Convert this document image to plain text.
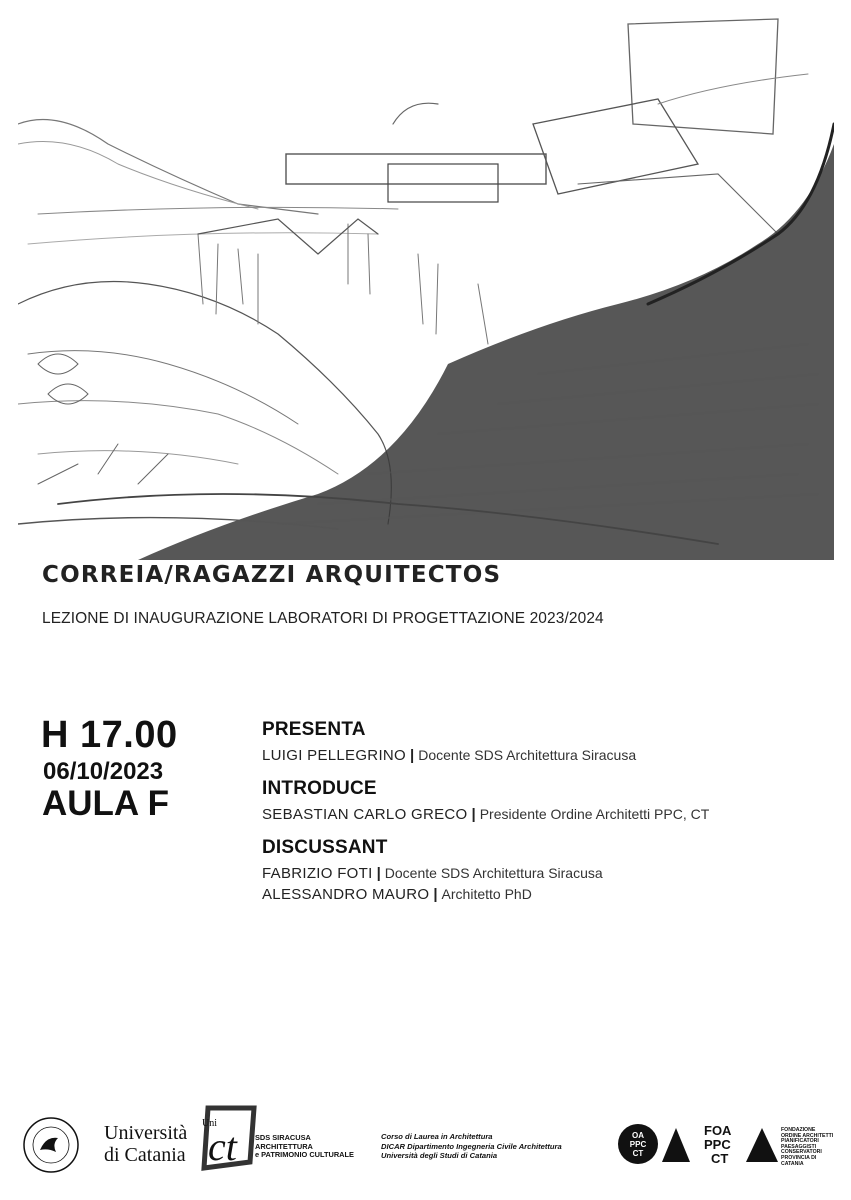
CORREIA/RAGAZZI ARQUITECTOS
LEZIONE DI INAUGURAZIONE LABORATORI DI PROGETTAZIONE 2023/2024
H 17.00
06/10/2023
AULA F
PRESENTA
LUIGI PELLEGRINO | Docente SDS Architettura Siracusa
INTRODUCE
SEBASTIAN CARLO GRECO | Presidente Ordine Architetti PPC, CT
DISCUSSANT
FABRIZIO FOTI | Docente SDS Architettura Siracusa
ALESSANDRO MAURO | Architetto PhD
Università
di Catania
Uni
ct SDS SIRACUSA
ARCHITETTURA
e PATRIMONIO CULTURALE
Corso di Laurea in Architettura
DICAR Dipartimento Ingegneria Civile Architettura
Università degli Studi di Catania
OA
PPC
CT
FOA
PPC
CT
FONDAZIONE
ORDINE ARCHITETTI
PIANIFICATORI
PAESAGGISTI
CONSERVATORI
PROVINCIA DI
CATANIA
